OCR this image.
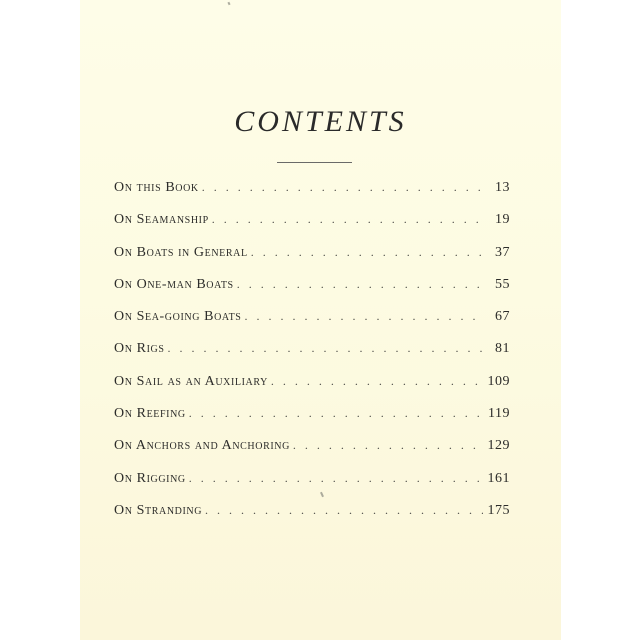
CONTENTS
On this Book . . .	13
On Seamanship . . .	19
On Boats in General . . .	37
On One-man Boats . . .	55
On Sea-going Boats . . .	67
On Rigs . . .	81
On Sail as an Auxiliary . . .	109
On Reefing . . .	119
On Anchors and Anchoring . . .	129
On Rigging . . .	161
On Stranding . . .	175
